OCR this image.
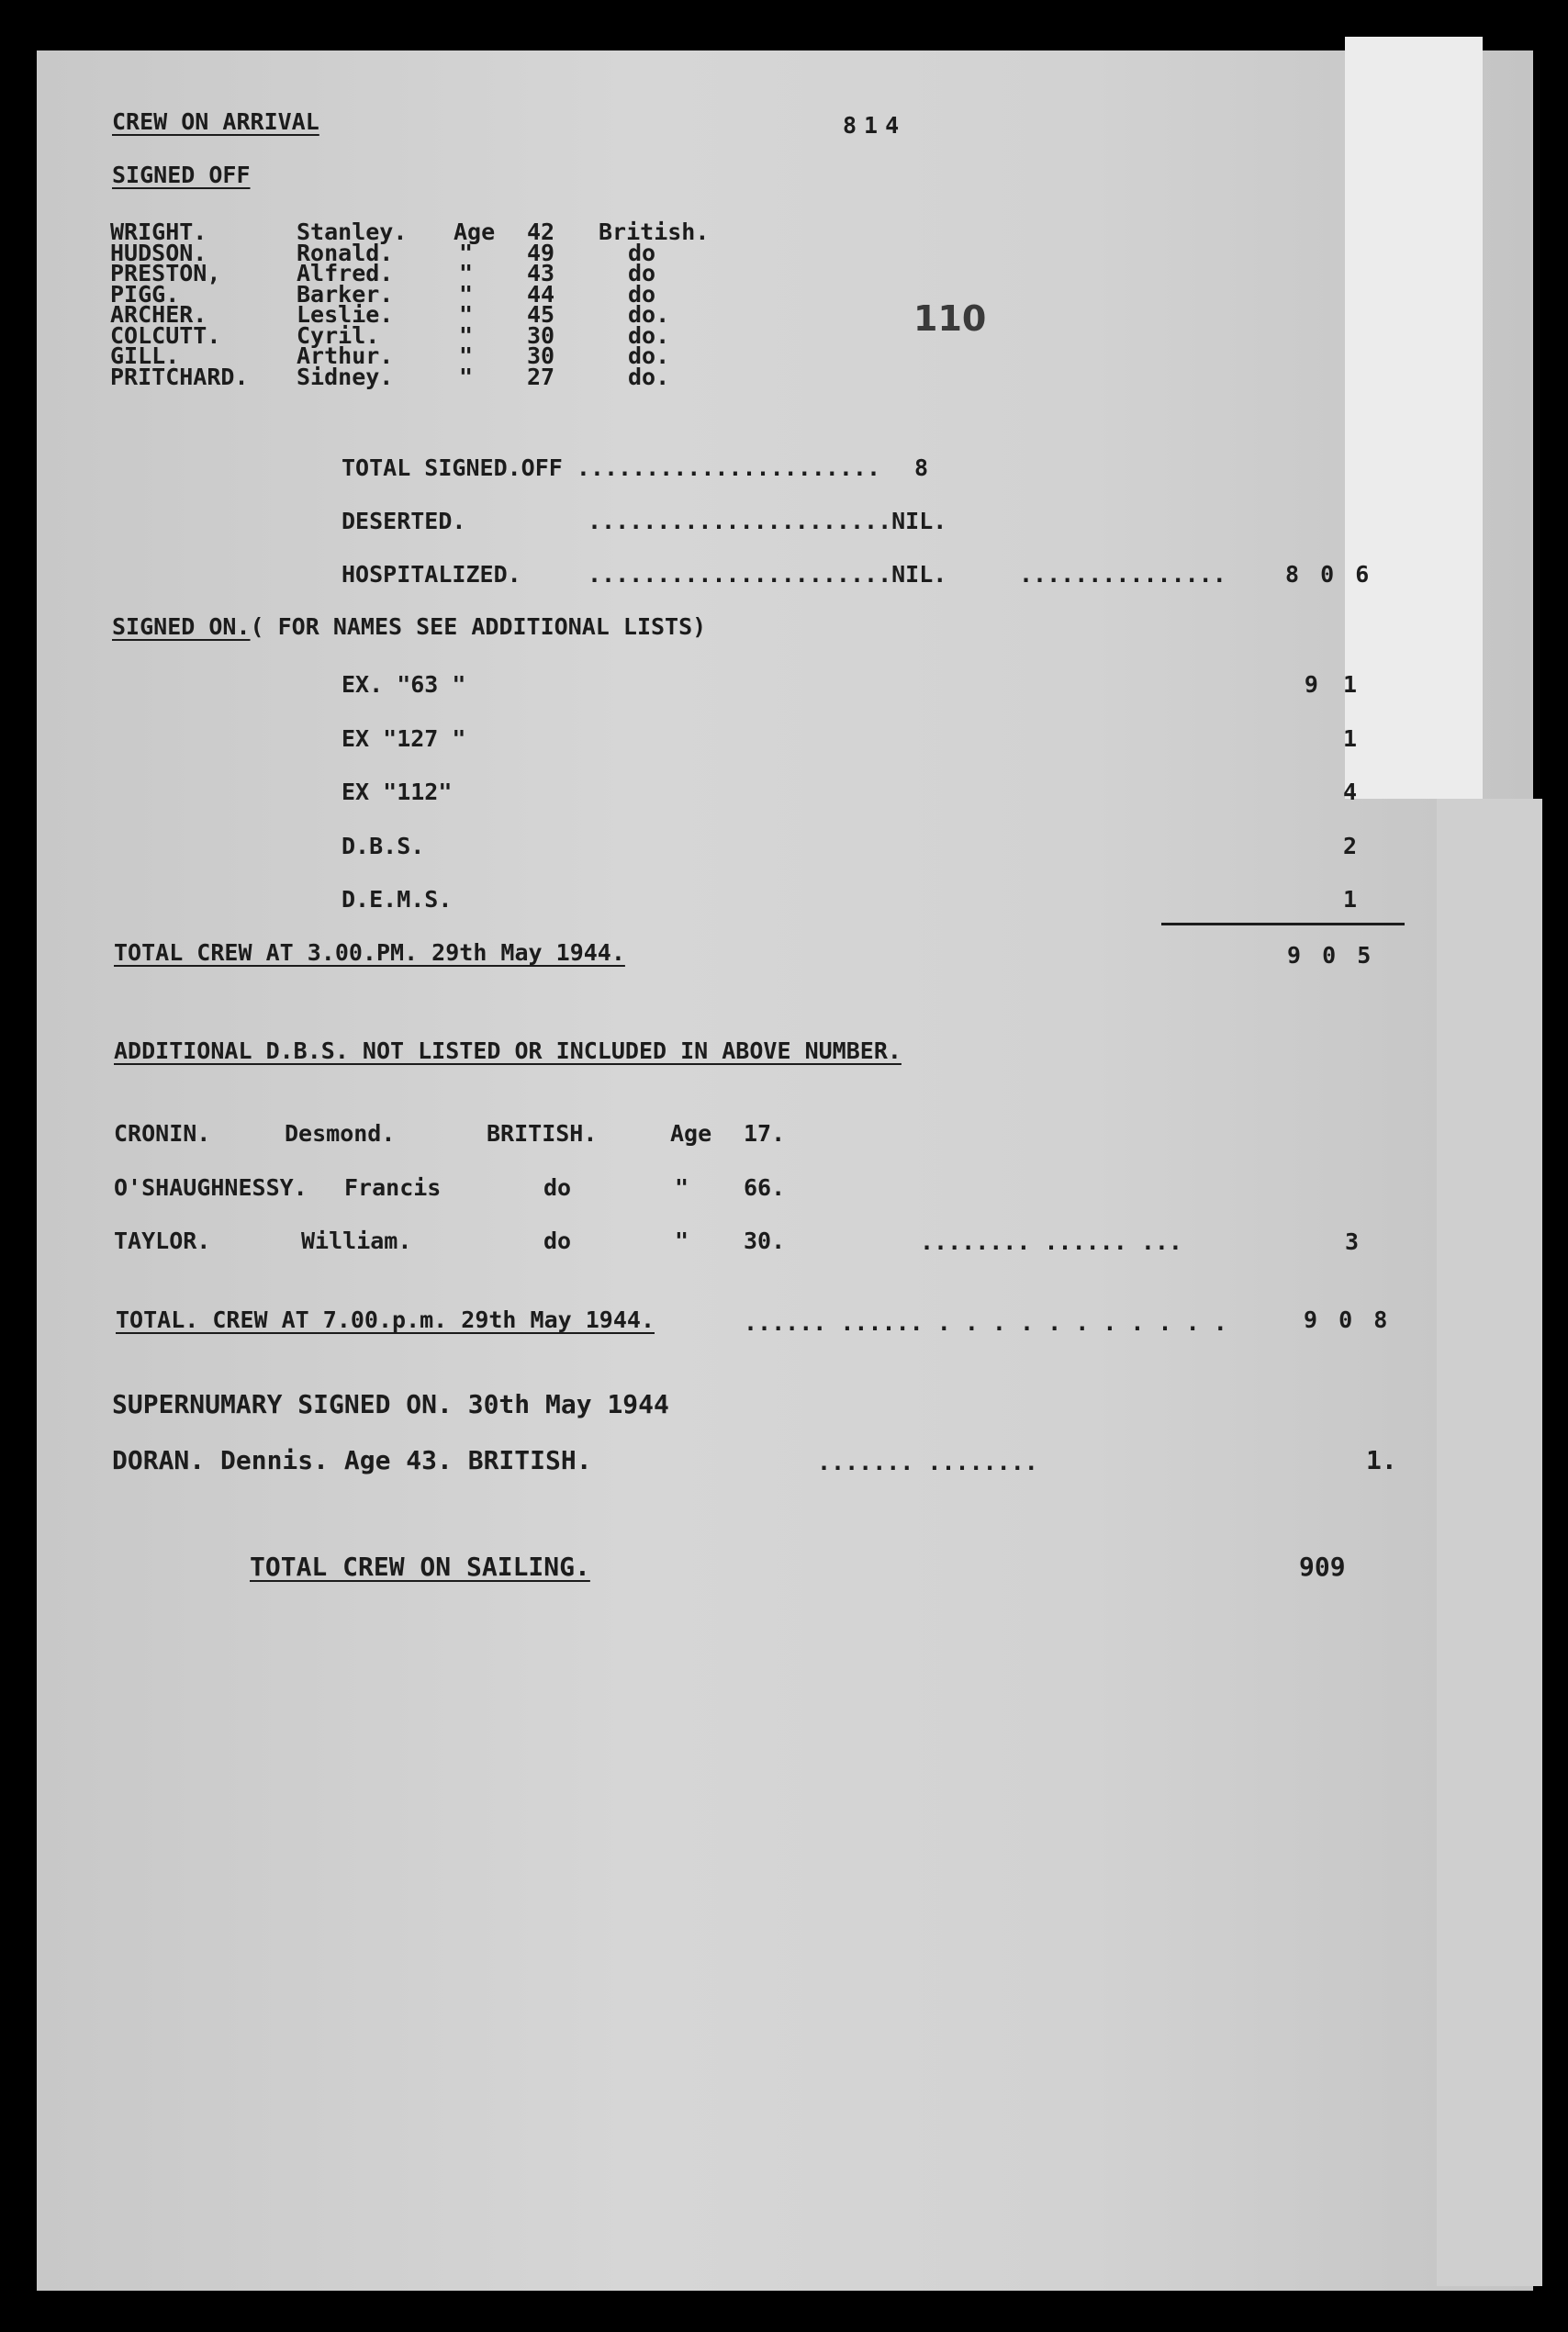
CREW ON ARRIVAL	814
110
SIGNED OFF
WRIGHT.	Stanley. Age 42 British.
HUDSON.	Ronald.	" 49	do
PRESTON,	Alfred.	" 43	do
PIGG.	Barker.	" 44	do
ARCHER.	Leslie.	" 45	do.
COLCUTT.	Cyril.	" 30	do.
GILL.	Arthur.	" 30	do.
PRITCHARD. Sidney.	" 27	do.
TOTAL SIGNED.OFF ...................... 8
DESERTED.	......................NIL.
HOSPITALIZED.	......................NIL.	...............	8 0 6
SIGNED ON.( FOR NAMES SEE ADDITIONAL LISTS)
EX. "63 "	9 1
EX "127 "	1
EX "112"	4
D.B.S.	2
D.E.M.S.	1
TOTAL CREW AT 3.00.PM. 29th May 1944.	9 0 5
ADDITIONAL D.B.S. NOT LISTED OR INCLUDED IN ABOVE NUMBER.
CRONIN.	Desmond.	BRITISH.	Age 17.
O'SHAUGHNESSY. Francis	do	" 66.
TAYLOR.	William.	do	" 30.	........ ...... ...	3
TOTAL. CREW AT 7.00.p.m. 29th May 1944.	...... ...... . . . . . . . . . . .	9 0 8
SUPERNUMARY SIGNED ON. 30th May 1944
DORAN. Dennis. Age 43. BRITISH.	....... ........	1.
TOTAL CREW ON SAILING.	909
